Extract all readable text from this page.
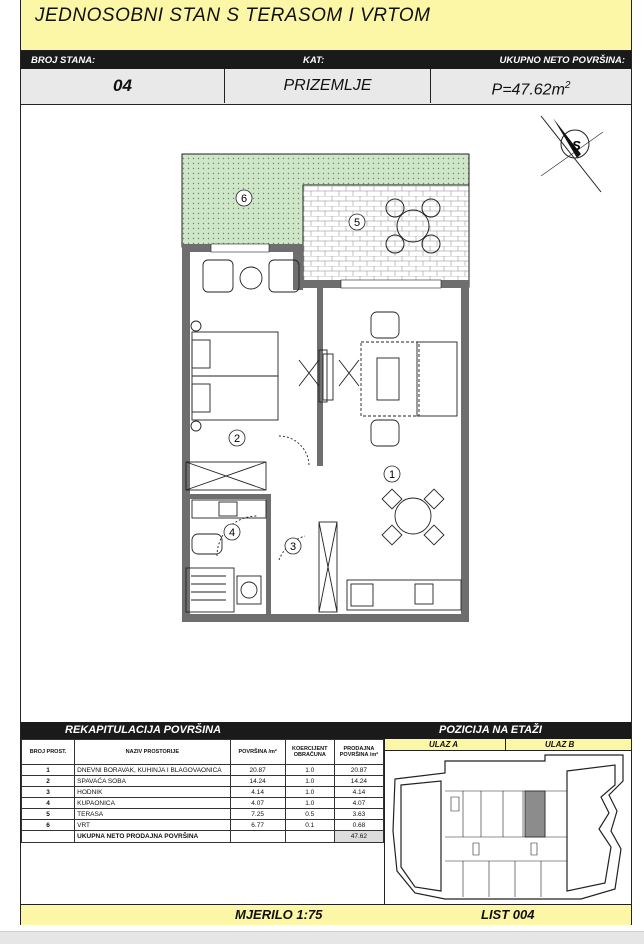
JEDNOSOBNI STAN S TERASOM I VRTOM
BROJ STANA:	KAT:	UKUPNO NETO POVRŠINA:
04	PRIZEMLJE	$P=47.62m^2$
S
1
2
3
4
5
6
REKAPITULACIJA POVRŠINA	POZICIJA NA ETAŽI
BROJ PROST.	NAZIV PROSTORIJE	POVRŠINA /m²	KOERCIJENT OBRAČUNA	PRODAJNA POVRŠINA /m²
1	DNEVNI BORAVAK, KUHINJA I BLAGOVAONICA	20.87	1.0	20.87
2	SPAVAĆA SOBA	14.24	1.0	14.24
3	HODNIK	4.14	1.0	4.14
4	KUPAONICA	4.07	1.0	4.07
5	TERASA	7.25	0.5	3.63
6	VRT	6.77	0.1	0.68
	UKUPNA NETO PRODAJNA POVRŠINA			47.62
ULAZ A	ULAZ B
MJERILO 1:75	LIST 004
